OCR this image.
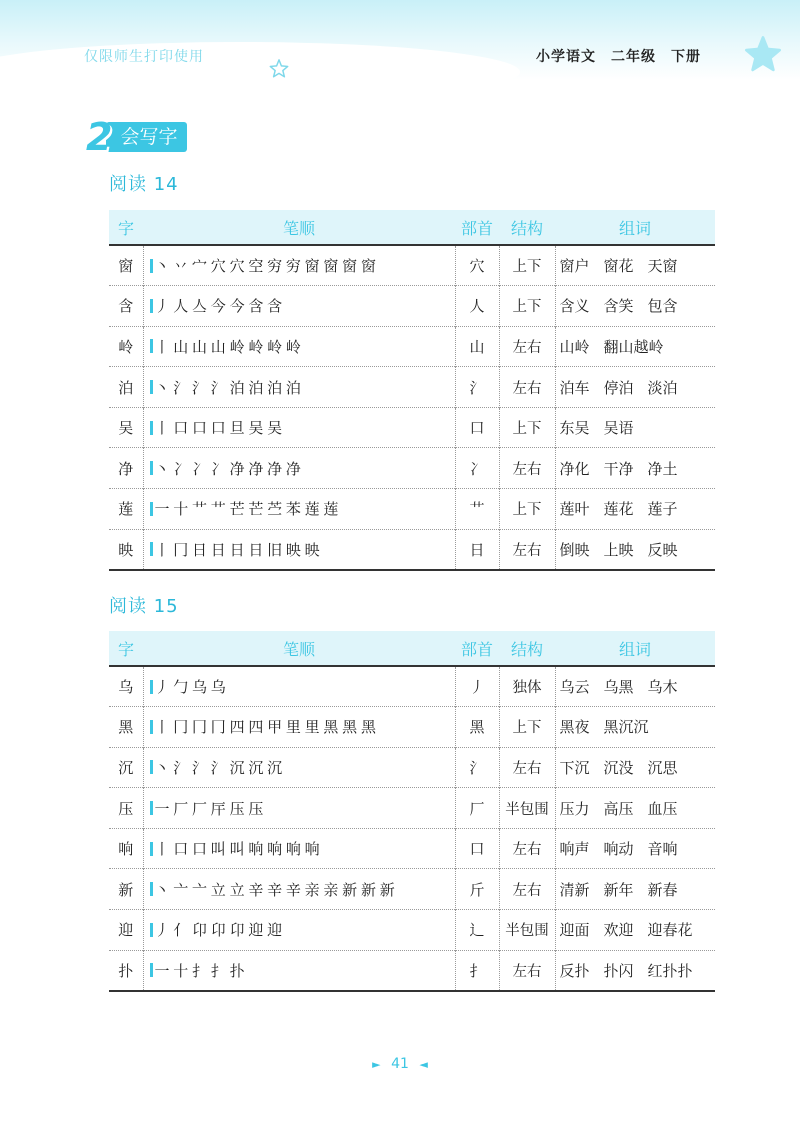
仅限师生打印使用	小学语文　二年级　下册
2 会写字
阅读 14
字	笔顺	部首	结构	组词
窗	丶 丷 宀 穴 穴 空 穷 穷 窗 窗 窗 窗	穴	上下	窗户 窗花 天窗
含	丿 人 亼 今 今 含 含	人	上下	含义 含笑 包含
岭	丨 山 山 山 岭 岭 岭 岭	山	左右	山岭 翻山越岭
泊	丶 氵 氵 氵 泊 泊 泊 泊	氵	左右	泊车 停泊 淡泊
吴	丨 口 口 口 旦 吴 吴	口	上下	东吴 吴语
净	丶 冫 冫 冫 净 净 净 净	冫	左右	净化 干净 净土
莲	一 十 艹 艹 芒 芒 苎 苯 莲 莲	艹	上下	莲叶 莲花 莲子
映	丨 冂 日 日 日 日 旧 映 映	日	左右	倒映 上映 反映
阅读 15
字	笔顺	部首	结构	组词
乌	丿 勹 乌 乌	丿	独体	乌云 乌黑 乌木
黑	丨 冂 冂 冂 四 四 甲 里 里 黑 黑 黑	黑	上下	黑夜 黑沉沉
沉	丶 氵 氵 氵 沉 沉 沉	氵	左右	下沉 沉没 沉思
压	一 厂 厂 厈 压 压	厂	半包围	压力 高压 血压
响	丨 口 口 叫 叫 响 响 响 响	口	左右	响声 响动 音响
新	丶 亠 亠 立 立 辛 辛 辛 亲 亲 新 新 新	斤	左右	清新 新年 新春
迎	丿 亻 卬 卬 卬 迎 迎	辶	半包围	迎面 欢迎 迎春花
扑	一 十 扌 扌 扑	扌	左右	反扑 扑闪 红扑扑
► 41 ◄
